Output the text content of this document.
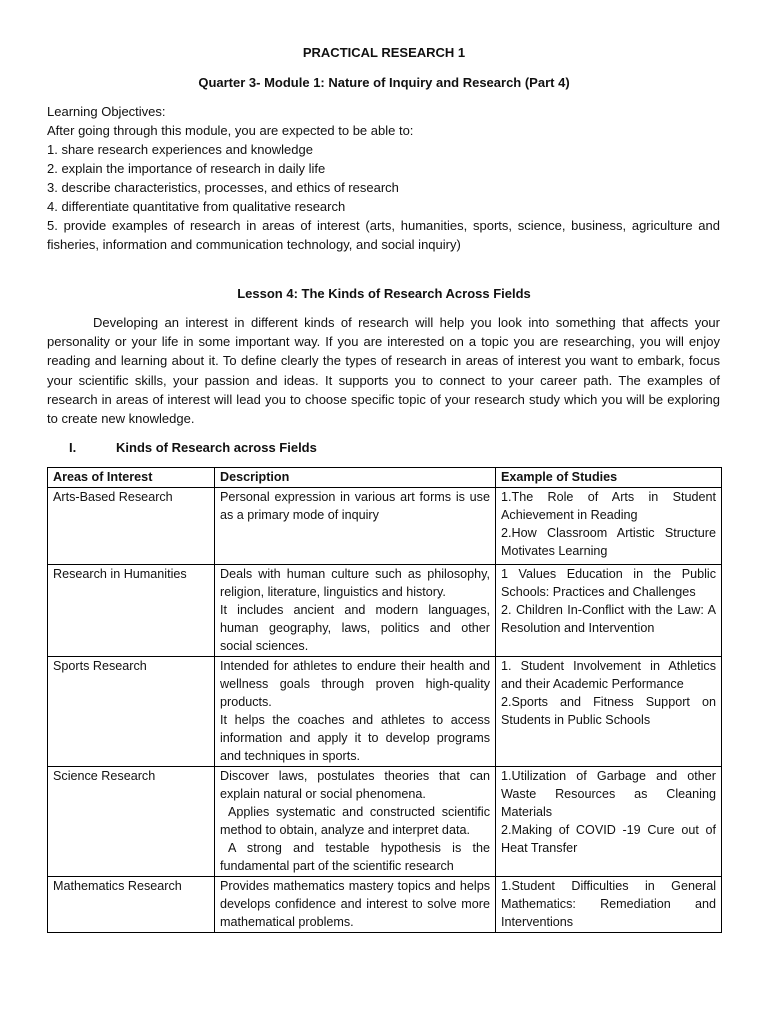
PRACTICAL RESEARCH 1
Quarter 3- Module 1: Nature of Inquiry and Research (Part 4)
Learning Objectives:
After going through this module, you are expected to be able to:
1. share research experiences and knowledge
2. explain the importance of research in daily life
3. describe characteristics, processes, and ethics of research
4. differentiate quantitative from qualitative research
5. provide examples of research in areas of interest (arts, humanities, sports, science, business, agriculture and fisheries, information and communication technology, and social inquiry)
Lesson 4: The Kinds of Research Across Fields
Developing an interest in different kinds of research will help you look into something that affects your personality or your life in some important way. If you are interested on a topic you are researching, you will enjoy reading and learning about it. To define clearly the types of research in areas of interest you want to embark, focus your scientific skills, your passion and ideas. It supports you to connect to your career path. The examples of research in areas of interest will lead you to choose specific topic of your research study which you will be exploring to create new knowledge.
I.	Kinds of Research across Fields
Areas of Interest	Description	Example of Studies
Arts-Based Research	Personal expression in various art forms is use as a primary mode of inquiry	1.The Role of Arts in Student Achievement in Reading
2.How Classroom Artistic Structure Motivates Learning

Research in Humanities	Deals with human culture such as philosophy, religion, literature, linguistics and history.
It includes ancient and modern languages, human geography, laws, politics and other social sciences.	1 Values Education in the Public Schools: Practices and Challenges
2. Children In-Conflict with the Law: A Resolution and Intervention

Sports Research	Intended for athletes to endure their health and wellness goals through proven high-quality products.
It helps the coaches and athletes to access information and apply it to develop programs and techniques in sports.	1. Student Involvement in Athletics and their Academic Performance
2.Sports and Fitness Support on Students in Public Schools

Science Research	Discover laws, postulates theories that can explain natural or social phenomena.
Applies systematic and constructed scientific method to obtain, analyze and interpret data.
A strong and testable hypothesis is the fundamental part of the scientific research	1.Utilization of Garbage and other Waste Resources as Cleaning Materials
2.Making of COVID -19 Cure out of Heat Transfer

Mathematics Research	Provides mathematics mastery topics and helps develops confidence and interest to solve more mathematical problems.	1.Student Difficulties in General Mathematics: Remediation and Interventions
